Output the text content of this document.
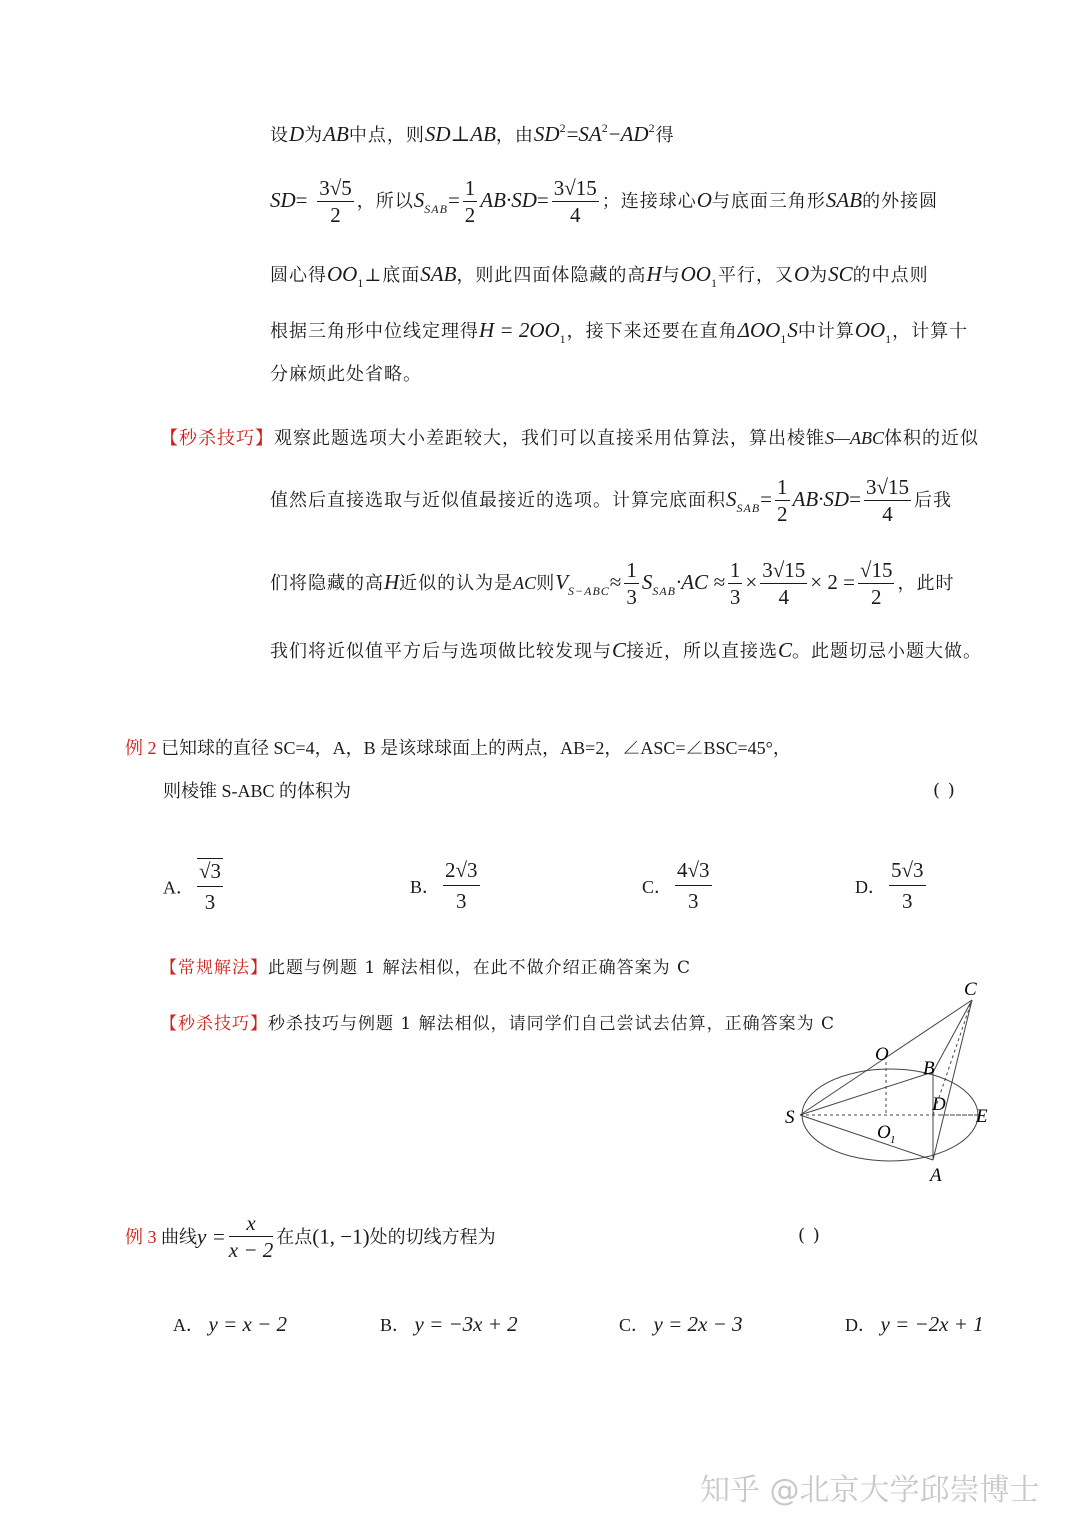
设D为AB中点，则SD⊥AB，由$SD^2=SA^2-AD^2$得
$SD= \frac{3√5}{2}$ ，所以$S_{SAB}= \frac{1}{2} AB\cdot SD= \frac{3√15}{4}$ ；连接球心O与底面三角形SAB的外接圆
圆心得$OO_1\perp$底面SAB，则此四面体隐藏的高H与$OO_1$平行，又O为SC的中点则
根据三角形中位线定理得$H = 2OO_1$，接下来还要在直角$\Delta OO_1S$中计算$OO_1$，计算十
分麻烦此处省略。
【秒杀技巧】观察此题选项大小差距较大，我们可以直接采用估算法，算出棱锥S—ABC体积的近似
值然后直接选取与近似值最接近的选项。计算完底面积$S_{SAB}= \frac{1}{2} AB\cdot SD= \frac{3√15}{4}$ 后我
们将隐藏的高H近似的认为是AC则$V_{S-ABC}\approx \frac{1}{3} S_{SAB}\cdot AC \approx \frac{1}{3} \times \frac{3√15}{4} \times 2 = \frac{√15}{2}$ ，此时
我们将近似值平方后与选项做比较发现与C接近，所以直接选C。此题切忌小题大做。
例 2 已知球的直径 SC=4，A，B 是该球球面上的两点，AB=2，∠ASC=∠BSC=45°，
则棱锥 S-ABC 的体积为	( )
A． $\frac{√3}{3}$	B． $\frac{2√3}{3}$	C． $\frac{4√3}{3}$	D． $\frac{5√3}{3}$
【常规解法】此题与例题 1 解法相似，在此不做介绍正确答案为 C
【秒杀技巧】秒杀技巧与例题 1 解法相似，请同学们自己尝试去估算，正确答案为 C
C
O
B
D
S	E
O 1
A
例 3 曲线$y = \frac{x}{x - 2}$ 在点(1, −1)处的切线方程为	( )
A． y = x − 2	B． y = −3x + 2	C． y = 2x − 3	D． y = −2x + 1
知乎 @北京大学邱崇博士
